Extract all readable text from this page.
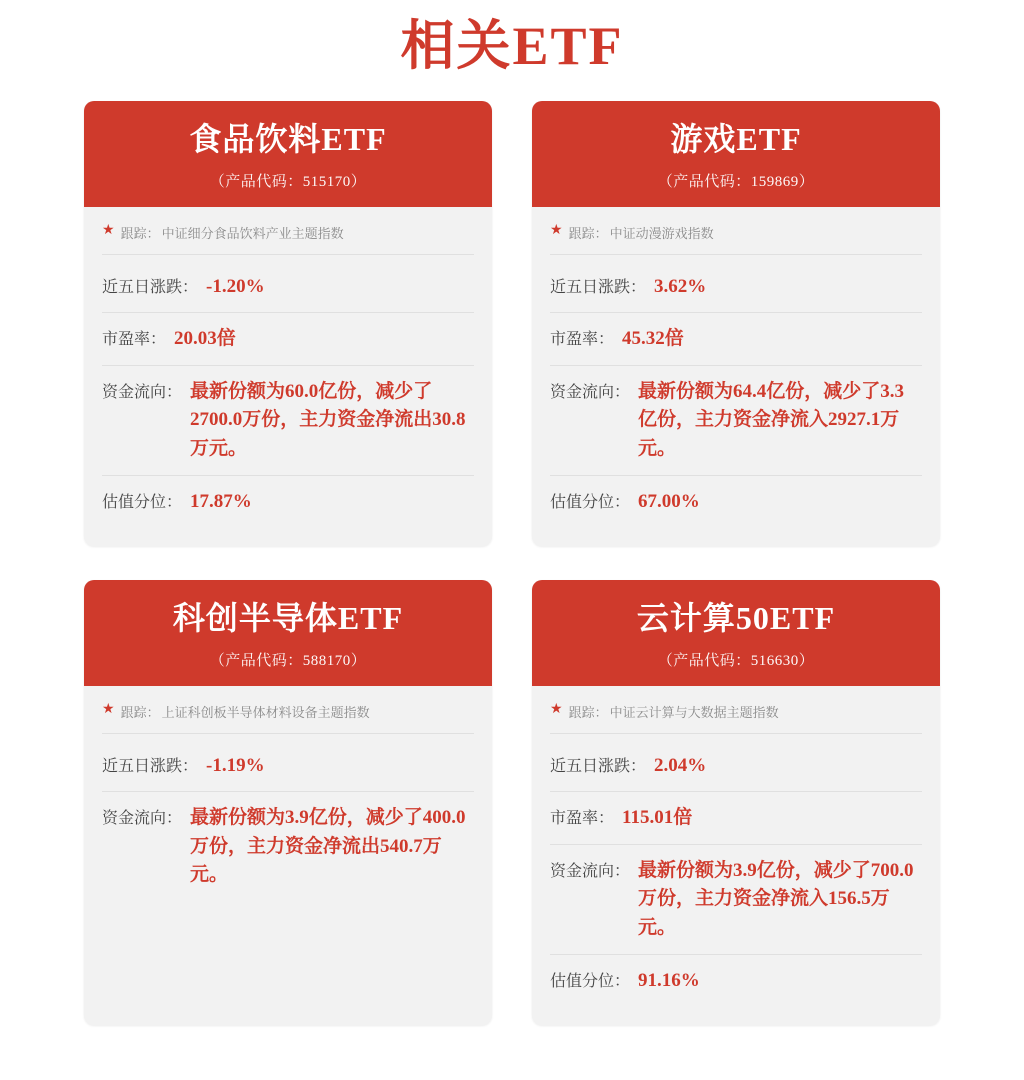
相关ETF
食品饮料ETF
（产品代码：515170）
★ 跟踪： 中证细分食品饮料产业主题指数
近五日涨跌： -1.20%
市盈率： 20.03倍
资金流向： 最新份额为60.0亿份，减少了2700.0万份，主力资金净流出30.8万元。
估值分位： 17.87%
游戏ETF
（产品代码：159869）
★ 跟踪： 中证动漫游戏指数
近五日涨跌： 3.62%
市盈率： 45.32倍
资金流向： 最新份额为64.4亿份，减少了3.3亿份，主力资金净流入2927.1万元。
估值分位： 67.00%
科创半导体ETF
（产品代码：588170）
★ 跟踪： 上证科创板半导体材料设备主题指数
近五日涨跌： -1.19%
资金流向： 最新份额为3.9亿份，减少了400.0万份，主力资金净流出540.7万元。
云计算50ETF
（产品代码：516630）
★ 跟踪： 中证云计算与大数据主题指数
近五日涨跌： 2.04%
市盈率： 115.01倍
资金流向： 最新份额为3.9亿份，减少了700.0万份，主力资金净流入156.5万元。
估值分位： 91.16%
